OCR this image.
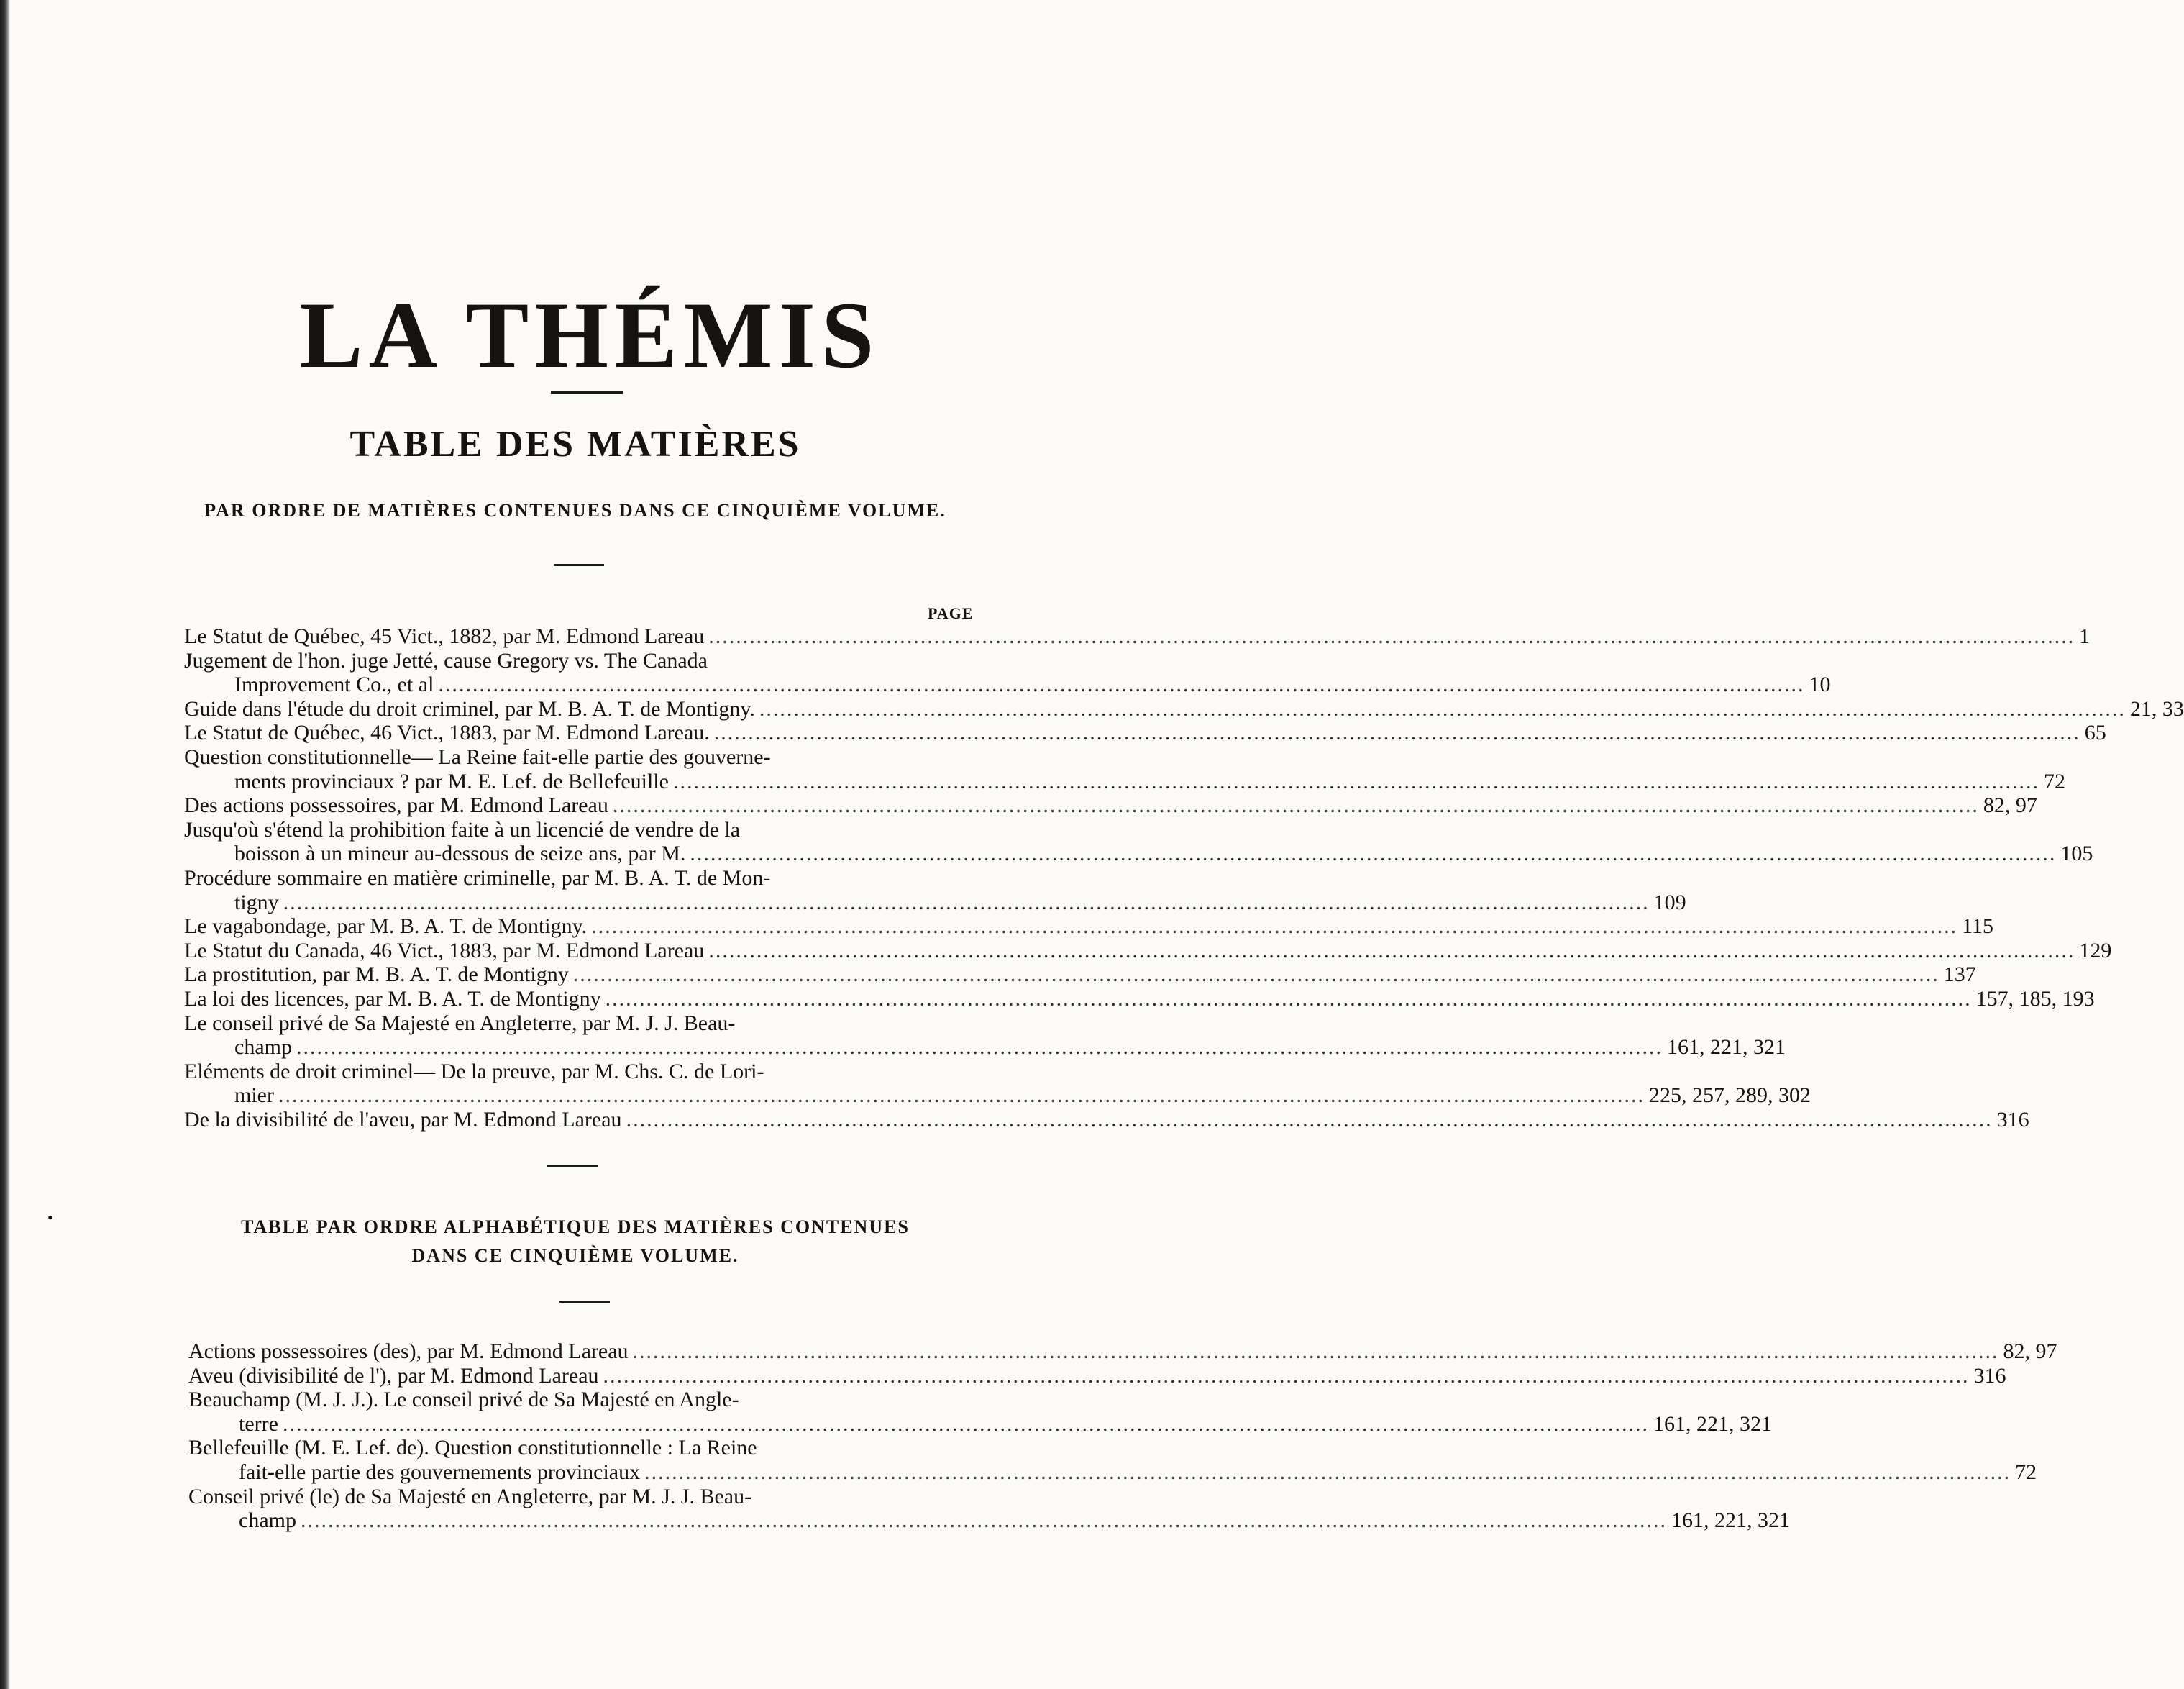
LA THÉMIS
TABLE DES MATIÈRES

PAR ORDRE DE MATIÈRES CONTENUES DANS CE CINQUIÈME VOLUME.

PAGE
Le Statut de Québec, 45 Vict., 1882, par M. Edmond Lareau ........................................................................................................................................................................................................ 1
Jugement de l'hon. juge Jetté, cause Gregory vs. The Canada
Improvement Co., et al ........................................................................................................................................................................................................ 10
Guide dans l'étude du droit criminel, par M. B. A. T. de Montigny. ........................................................................................................................................................................................................ 21, 33
Le Statut de Québec, 46 Vict., 1883, par M. Edmond Lareau. ........................................................................................................................................................................................................ 65
Question constitutionnelle— La Reine fait-elle partie des gouverne-
ments provinciaux ? par M. E. Lef. de Bellefeuille ........................................................................................................................................................................................................ 72
Des actions possessoires, par M. Edmond Lareau ........................................................................................................................................................................................................ 82, 97
Jusqu'où s'étend la prohibition faite à un licencié de vendre de la
boisson à un mineur au-dessous de seize ans, par M. ........................................................................................................................................................................................................ 105
Procédure sommaire en matière criminelle, par M. B. A. T. de Mon-
tigny ........................................................................................................................................................................................................ 109
Le vagabondage, par M. B. A. T. de Montigny. ........................................................................................................................................................................................................ 115
Le Statut du Canada, 46 Vict., 1883, par M. Edmond Lareau ........................................................................................................................................................................................................ 129
La prostitution, par M. B. A. T. de Montigny ........................................................................................................................................................................................................ 137
La loi des licences, par M. B. A. T. de Montigny ........................................................................................................................................................................................................ 157, 185, 193
Le conseil privé de Sa Majesté en Angleterre, par M. J. J. Beau-
champ ........................................................................................................................................................................................................ 161, 221, 321
Eléments de droit criminel— De la preuve, par M. Chs. C. de Lori-
mier ........................................................................................................................................................................................................ 225, 257, 289, 302
De la divisibilité de l'aveu, par M. Edmond Lareau ........................................................................................................................................................................................................ 316
•	TABLE PAR ORDRE ALPHABÉTIQUE DES MATIÈRES CONTENUES

DANS CE CINQUIÈME VOLUME.

Actions possessoires (des), par M. Edmond Lareau ........................................................................................................................................................................................................ 82, 97
Aveu (divisibilité de l'), par M. Edmond Lareau ........................................................................................................................................................................................................ 316
Beauchamp (M. J. J.). Le conseil privé de Sa Majesté en Angle-
terre ........................................................................................................................................................................................................ 161, 221, 321
Bellefeuille (M. E. Lef. de). Question constitutionnelle : La Reine
fait-elle partie des gouvernements provinciaux ........................................................................................................................................................................................................ 72
Conseil privé (le) de Sa Majesté en Angleterre, par M. J. J. Beau-
champ ........................................................................................................................................................................................................ 161, 221, 321
